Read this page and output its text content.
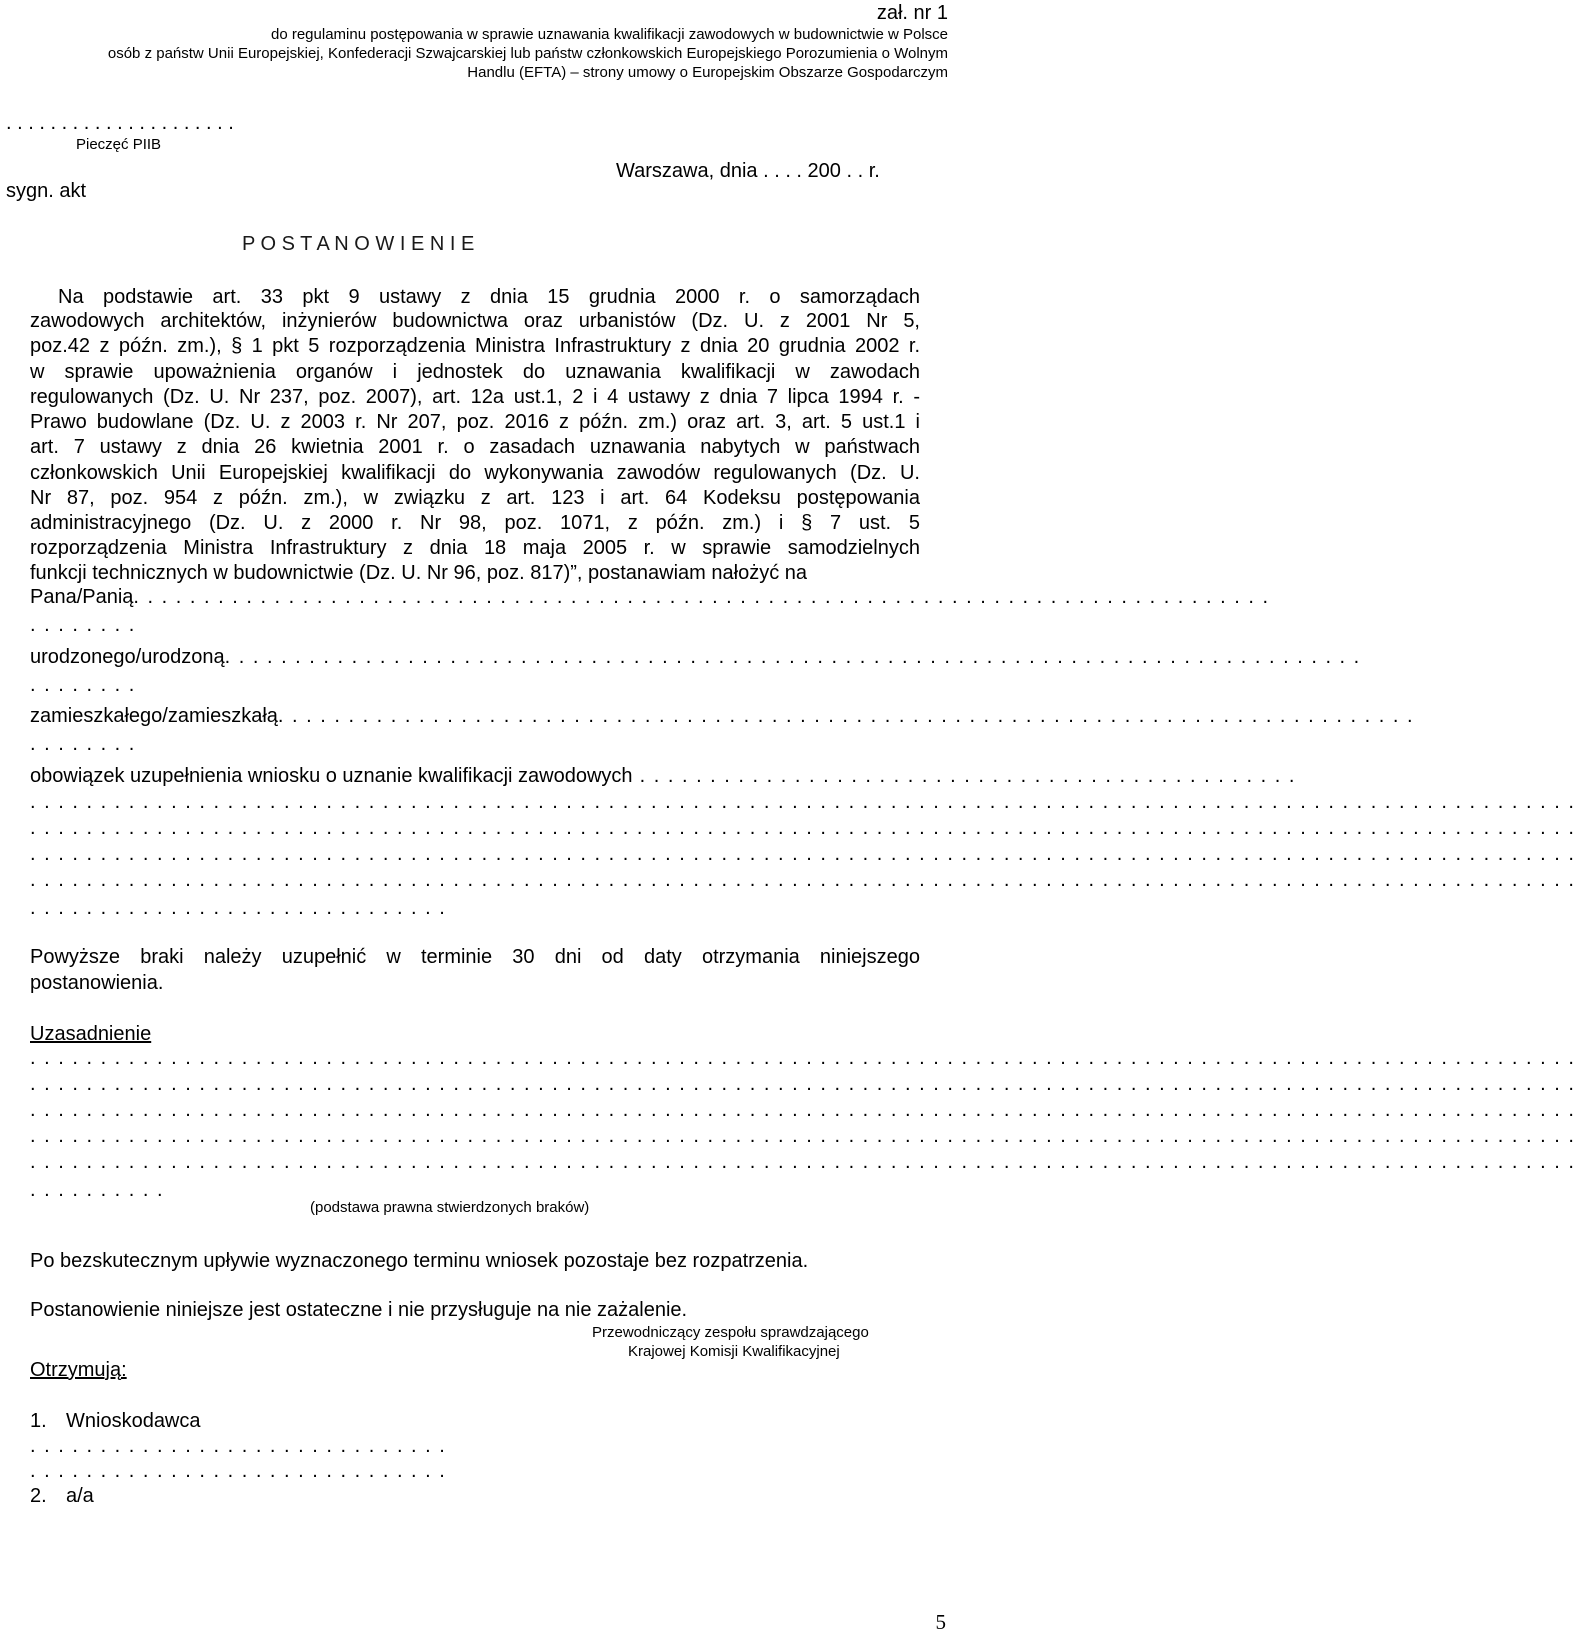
zał. nr 1
do regulaminu postępowania w sprawie uznawania kwalifikacji zawodowych w budownictwie w Polsce
osób z państw Unii Europejskiej, Konfederacji Szwajcarskiej lub państw członkowskich Europejskiego Porozumienia o Wolnym
Handlu (EFTA) – strony umowy o Europejskim Obszarze Gospodarczym
. . . . . . . . . . . . . . . . . . . . .
Pieczęć PIIB
Warszawa, dnia . . . . 200 . . r.
sygn. akt
P O S T A N O W I E N I E
Na podstawie art. 33 pkt 9 ustawy z dnia 15 grudnia 2000 r. o samorządach
zawodowych architektów, inżynierów budownictwa oraz urbanistów (Dz. U. z 2001 Nr 5,
poz.42 z późn. zm.), § 1 pkt 5 rozporządzenia Ministra Infrastruktury z dnia 20 grudnia 2002 r.
w sprawie upoważnienia organów i jednostek do uznawania kwalifikacji w zawodach
regulowanych (Dz. U. Nr 237, poz. 2007), art. 12a ust.1, 2 i 4 ustawy z dnia 7 lipca 1994 r. -
Prawo budowlane (Dz. U. z 2003 r. Nr 207, poz. 2016 z późn. zm.) oraz art. 3, art. 5 ust.1 i
art. 7 ustawy z dnia 26 kwietnia 2001 r. o zasadach uznawania nabytych w państwach
członkowskich Unii Europejskiej kwalifikacji do wykonywania zawodów regulowanych (Dz. U.
Nr 87, poz. 954 z późn. zm.), w związku z art. 123 i art. 64 Kodeksu postępowania
administracyjnego (Dz. U. z 2000 r. Nr 98, poz. 1071, z późn. zm.) i § 7 ust. 5
rozporządzenia Ministra Infrastruktury z dnia 18 maja 2005 r. w sprawie samodzielnych
funkcji technicznych w budownictwie (Dz. U. Nr 96, poz. 817)”, postanawiam nałożyć na
Pana/Panią. . . . . . . . . . . . . . . . . . . . . . . . . . . . . . . . . . . . . . . . . . . . . . . . . . . . . . . . . . . . . . . . . . . . . . . . . . . . . . . . .
. . . . . . . .
urodzonego/urodzoną. . . . . . . . . . . . . . . . . . . . . . . . . . . . . . . . . . . . . . . . . . . . . . . . . . . . . . . . . . . . . . . . . . . . . . . . . . . . . . . . .
. . . . . . . .
zamieszkałego/zamieszkałą. . . . . . . . . . . . . . . . . . . . . . . . . . . . . . . . . . . . . . . . . . . . . . . . . . . . . . . . . . . . . . . . . . . . . . . . . . . . . . . . .
. . . . . . . .
obowiązek uzupełnienia wniosku o uznanie kwalifikacji zawodowych . . . . . . . . . . . . . . . . . . . . . . . . . . . . . . . . . . . . . . . . . . . . . . .
. . . . . . . . . . . . . . . . . . . . . . . . . . . . . . . . . . . . . . . . . . . . . . . . . . . . . . . . . . . . . . . . . . . . . . . . . . . . . . . . . . . . . . . . . . . . . . . . . . . . . . . . . . . . . .
. . . . . . . . . . . . . . . . . . . . . . . . . . . . . . . . . . . . . . . . . . . . . . . . . . . . . . . . . . . . . . . . . . . . . . . . . . . . . . . . . . . . . . . . . . . . . . . . . . . . . . . . . . . . . .
. . . . . . . . . . . . . . . . . . . . . . . . . . . . . . . . . . . . . . . . . . . . . . . . . . . . . . . . . . . . . . . . . . . . . . . . . . . . . . . . . . . . . . . . . . . . . . . . . . . . . . . . . . . . . .
. . . . . . . . . . . . . . . . . . . . . . . . . . . . . . . . . . . . . . . . . . . . . . . . . . . . . . . . . . . . . . . . . . . . . . . . . . . . . . . . . . . . . . . . . . . . . . . . . . . . . . . . . . . . . .
. . . . . . . . . . . . . . . . . . . . . . . . . . . . . .
Powyższe braki należy uzupełnić w terminie 30 dni od daty otrzymania niniejszego
postanowienia.
Uzasadnienie
. . . . . . . . . . . . . . . . . . . . . . . . . . . . . . . . . . . . . . . . . . . . . . . . . . . . . . . . . . . . . . . . . . . . . . . . . . . . . . . . . . . . . . . . . . . . . . . . . . . . . . . . . . . . . .
. . . . . . . . . . . . . . . . . . . . . . . . . . . . . . . . . . . . . . . . . . . . . . . . . . . . . . . . . . . . . . . . . . . . . . . . . . . . . . . . . . . . . . . . . . . . . . . . . . . . . . . . . . . . . .
. . . . . . . . . . . . . . . . . . . . . . . . . . . . . . . . . . . . . . . . . . . . . . . . . . . . . . . . . . . . . . . . . . . . . . . . . . . . . . . . . . . . . . . . . . . . . . . . . . . . . . . . . . . . . .
. . . . . . . . . . . . . . . . . . . . . . . . . . . . . . . . . . . . . . . . . . . . . . . . . . . . . . . . . . . . . . . . . . . . . . . . . . . . . . . . . . . . . . . . . . . . . . . . . . . . . . . . . . . . . .
. . . . . . . . . . . . . . . . . . . . . . . . . . . . . . . . . . . . . . . . . . . . . . . . . . . . . . . . . . . . . . . . . . . . . . . . . . . . . . . . . . . . . . . . . . . . . . . . . . . . . . . . . . . . . .
. . . . . . . . . .
(podstawa prawna stwierdzonych braków)
Po bezskutecznym upływie wyznaczonego terminu wniosek pozostaje bez rozpatrzenia.
Postanowienie niniejsze jest ostateczne i nie przysługuje na nie zażalenie.
Przewodniczący zespołu sprawdzającego
Krajowej Komisji Kwalifikacyjnej
Otrzymują:
1. Wnioskodawca
. . . . . . . . . . . . . . . . . . . . . . . . . . . . . .
. . . . . . . . . . . . . . . . . . . . . . . . . . . . . .
2. a/a
5
